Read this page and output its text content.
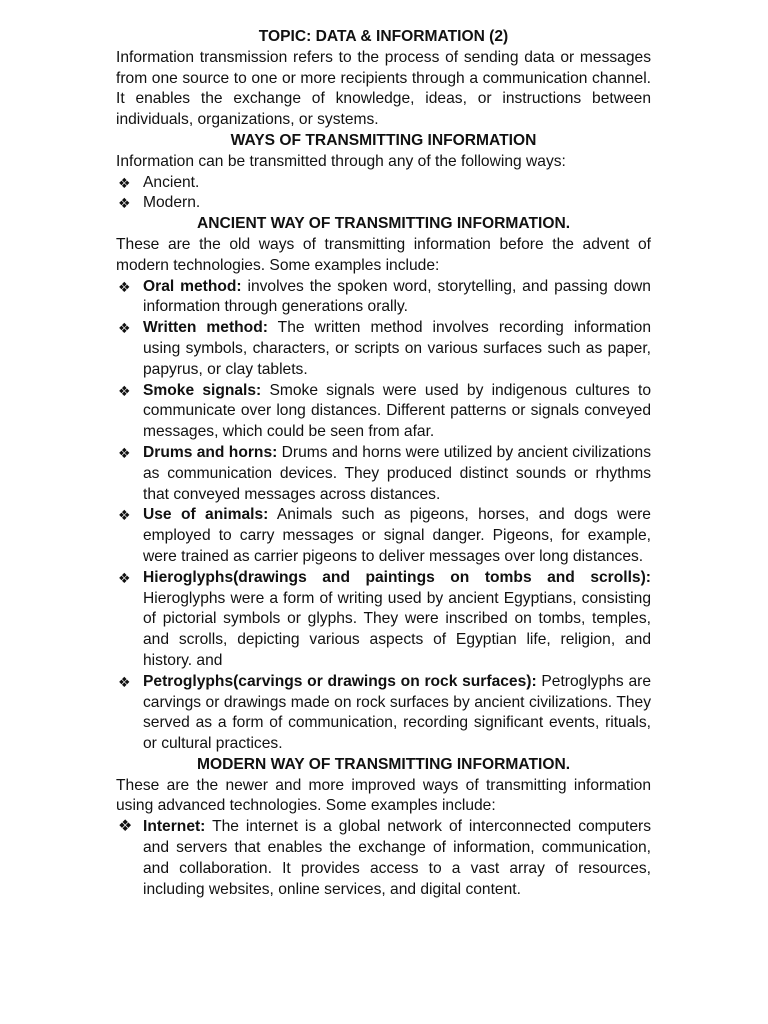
TOPIC: DATA & INFORMATION (2)

Information transmission refers to the process of sending data or messages from one source to one or more recipients through a communication channel. It enables the exchange of knowledge, ideas, or instructions between individuals, organizations, or systems.

WAYS OF TRANSMITTING INFORMATION

Information can be transmitted through any of the following ways:

❖ Ancient.
❖ Modern.
ANCIENT WAY OF TRANSMITTING INFORMATION.

These are the old ways of transmitting information before the advent of modern technologies. Some examples include:

❖ Oral method: involves the spoken word, storytelling, and passing down information through generations orally.
❖ Written method: The written method involves recording information using symbols, characters, or scripts on various surfaces such as paper, papyrus, or clay tablets.
❖ Smoke signals: Smoke signals were used by indigenous cultures to communicate over long distances. Different patterns or signals conveyed messages, which could be seen from afar.
❖ Drums and horns: Drums and horns were utilized by ancient civilizations as communication devices. They produced distinct sounds or rhythms that conveyed messages across distances.
❖ Use of animals: Animals such as pigeons, horses, and dogs were employed to carry messages or signal danger. Pigeons, for example, were trained as carrier pigeons to deliver messages over long distances.
❖ Hieroglyphs(drawings and paintings on tombs and scrolls): Hieroglyphs were a form of writing used by ancient Egyptians, consisting of pictorial symbols or glyphs. They were inscribed on tombs, temples, and scrolls, depicting various aspects of Egyptian life, religion, and history. and
❖ Petroglyphs(carvings or drawings on rock surfaces): Petroglyphs are carvings or drawings made on rock surfaces by ancient civilizations. They served as a form of communication, recording significant events, rituals, or cultural practices.
MODERN WAY OF TRANSMITTING INFORMATION.

These are the newer and more improved ways of transmitting information using advanced technologies. Some examples include:

❖ Internet: The internet is a global network of interconnected computers and servers that enables the exchange of information, communication, and collaboration. It provides access to a vast array of resources, including websites, online services, and digital content.
